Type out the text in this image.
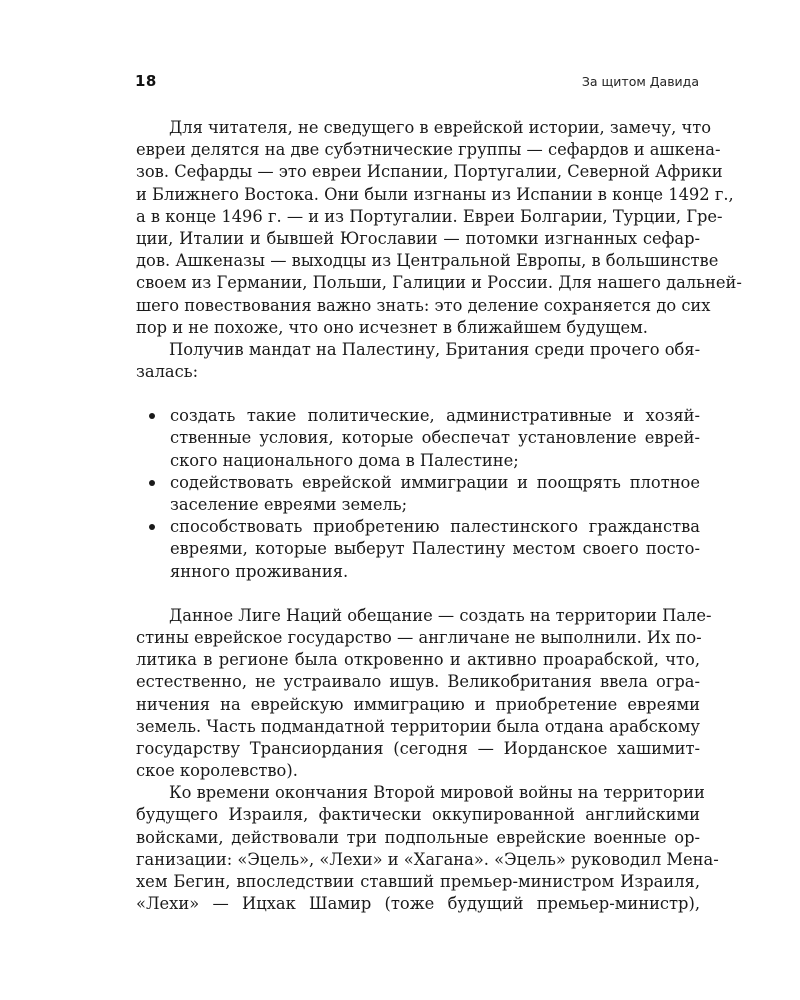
18	За щитом Давида
Для читателя, не сведущего в еврейской истории, замечу, что
евреи делятся на две субэтнические группы — сефардов и ашкена-
зов. Сефарды — это евреи Испании, Португалии, Северной Африки
и Ближнего Востока. Они были изгнаны из Испании в конце 1492 г.,
а в конце 1496 г. — и из Португалии. Евреи Болгарии, Турции, Гре-
ции, Италии и бывшей Югославии — потомки изгнанных сефар-
дов. Ашкеназы — выходцы из Центральной Европы, в большинстве
своем из Германии, Польши, Галиции и России. Для нашего дальней-
шего повествования важно знать: это деление сохраняется до сих
пор и не похоже, что оно исчезнет в ближайшем будущем.
Получив мандат на Палестину, Британия среди прочего обя-
залась:
создать такие политические, административные и хозяй-
ственные условия, которые обеспечат установление еврей-
ского национального дома в Палестине;
содействовать еврейской иммиграции и поощрять плотное
заселение евреями земель;
способствовать приобретению палестинского гражданства
евреями, которые выберут Палестину местом своего посто-
янного проживания.
Данное Лиге Наций обещание — создать на территории Пале-
стины еврейское государство — англичане не выполнили. Их по-
литика в регионе была откровенно и активно проарабской, что,
естественно, не устраивало ишув. Великобритания ввела огра-
ничения на еврейскую иммиграцию и приобретение евреями
земель. Часть подмандатной территории была отдана арабскому
государству Трансиордания (сегодня — Иорданское хашимит-
ское королевство).
Ко времени окончания Второй мировой войны на территории
будущего Израиля, фактически оккупированной английскими
войсками, действовали три подпольные еврейские военные ор-
ганизации: «Эцель», «Лехи» и «Хагана». «Эцель» руководил Мена-
хем Бегин, впоследствии ставший премьер-министром Израиля,
«Лехи» — Ицхак Шамир (тоже будущий премьер-министр),
